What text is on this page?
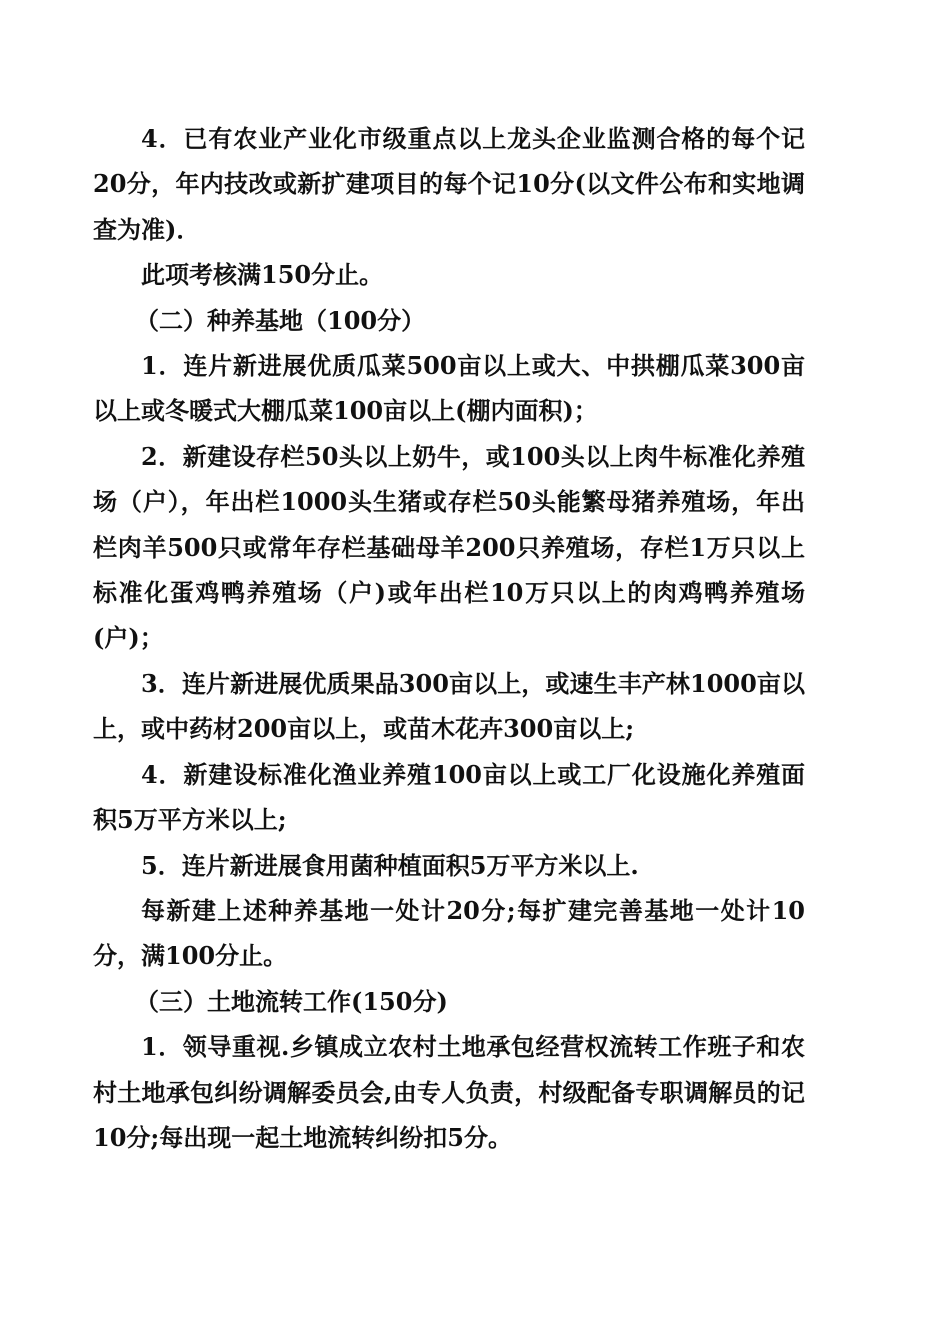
4．已有农业产业化市级重点以上龙头企业监测合格的每个记20分，年内技改或新扩建项目的每个记10分(以文件公布和实地调查为准)．

此项考核满150分止。

（二）种养基地（100分）

1．连片新进展优质瓜菜500亩以上或大、中拱棚瓜菜300亩以上或冬暖式大棚瓜菜100亩以上(棚内面积)；

2．新建设存栏50头以上奶牛，或100头以上肉牛标准化养殖场（户），年出栏1000头生猪或存栏50头能繁母猪养殖场，年出栏肉羊500只或常年存栏基础母羊200只养殖场，存栏1万只以上标准化蛋鸡鸭养殖场（户)或年出栏10万只以上的肉鸡鸭养殖场(户)；

3．连片新进展优质果品300亩以上，或速生丰产林1000亩以上，或中药材200亩以上，或苗木花卉300亩以上;

4．新建设标准化渔业养殖100亩以上或工厂化设施化养殖面积5万平方米以上;

5．连片新进展食用菌种植面积5万平方米以上.

每新建上述种养基地一处计20分;每扩建完善基地一处计10分，满100分止。

（三）土地流转工作(150分)

1．领导重视.乡镇成立农村土地承包经营权流转工作班子和农村土地承包纠纷调解委员会,由专人负责，村级配备专职调解员的记10分;每出现一起土地流转纠纷扣5分。
